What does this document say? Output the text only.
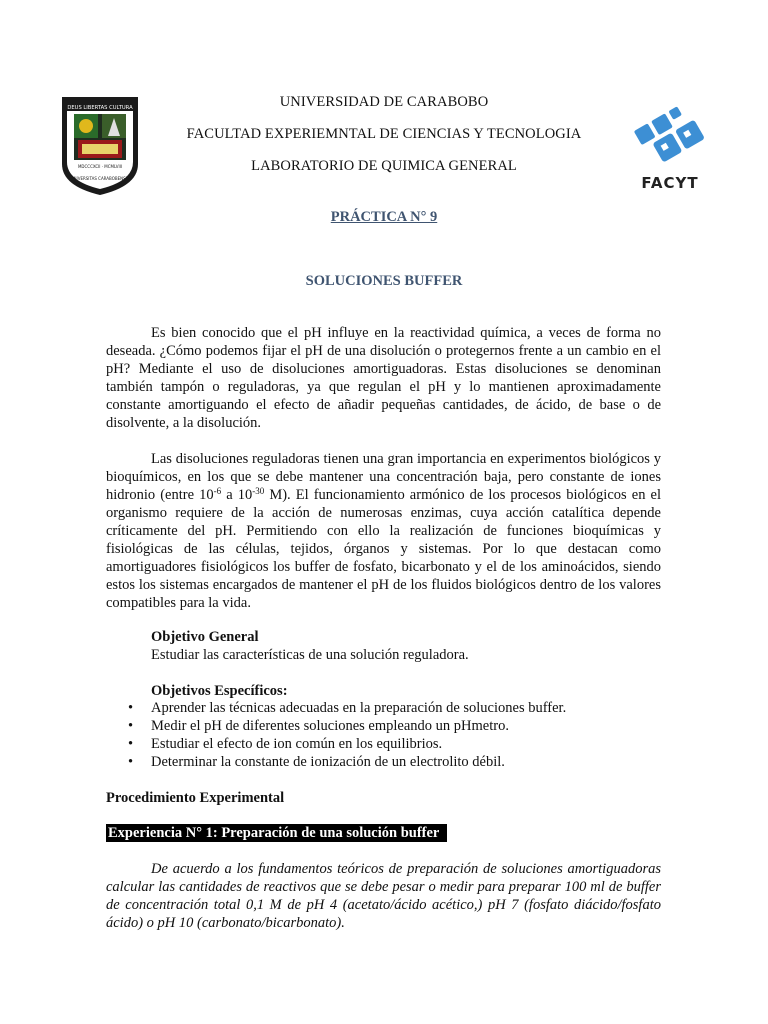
DEUS LIBERTAS CULTURA
MDCCCXCII · MCMLVIII
UNIVERSITAS CARABOBENSIS	FACYT
UNIVERSIDAD DE CARABOBO
FACULTAD EXPERIEMNTAL DE CIENCIAS Y TECNOLOGIA
LABORATORIO DE QUIMICA GENERAL
PRÁCTICA N° 9
SOLUCIONES BUFFER

Es bien conocido que el pH influye en la reactividad química, a veces de forma no deseada. ¿Cómo podemos fijar el pH de una disolución o protegernos frente a un cambio en el pH? Mediante el uso de disoluciones amortiguadoras. Estas disoluciones se denominan también tampón o reguladoras, ya que regulan el pH y lo mantienen aproximadamente constante amortiguando el efecto de añadir pequeñas cantidades, de ácido, de base o de disolvente, a la disolución.

Las disoluciones reguladoras tienen una gran importancia en experimentos biológicos y bioquímicos, en los que se debe mantener una concentración baja, pero constante de iones hidronio (entre $10^{-6}$ a $10^{-30}$ M). El funcionamiento armónico de los procesos biológicos en el organismo requiere de la acción de numerosas enzimas, cuya acción catalítica depende críticamente del pH. Permitiendo con ello la realización de funciones bioquímicas y fisiológicas de las células, tejidos, órganos y sistemas. Por lo que destacan como amortiguadores fisiológicos los buffer de fosfato, bicarbonato y el de los aminoácidos, siendo estos los sistemas encargados de mantener el pH de los fluidos biológicos dentro de los valores compatibles para la vida.

Objetivo General
Estudiar las características de una solución reguladora.
Objetivos Específicos:
• Aprender las técnicas adecuadas en la preparación de soluciones buffer.
• Medir el pH de diferentes soluciones empleando un pHmetro.
• Estudiar el efecto de ion común en los equilibrios.
• Determinar la constante de ionización de un electrolito débil.
Procedimiento Experimental
Experiencia N° 1: Preparación de una solución buffer

De acuerdo a los fundamentos teóricos de preparación de soluciones amortiguadoras calcular las cantidades de reactivos que se debe pesar o medir para preparar 100 ml de buffer de concentración total 0,1 M de pH 4 (acetato/ácido acético,) pH 7 (fosfato diácido/fosfato ácido) o pH 10 (carbonato/bicarbonato).
